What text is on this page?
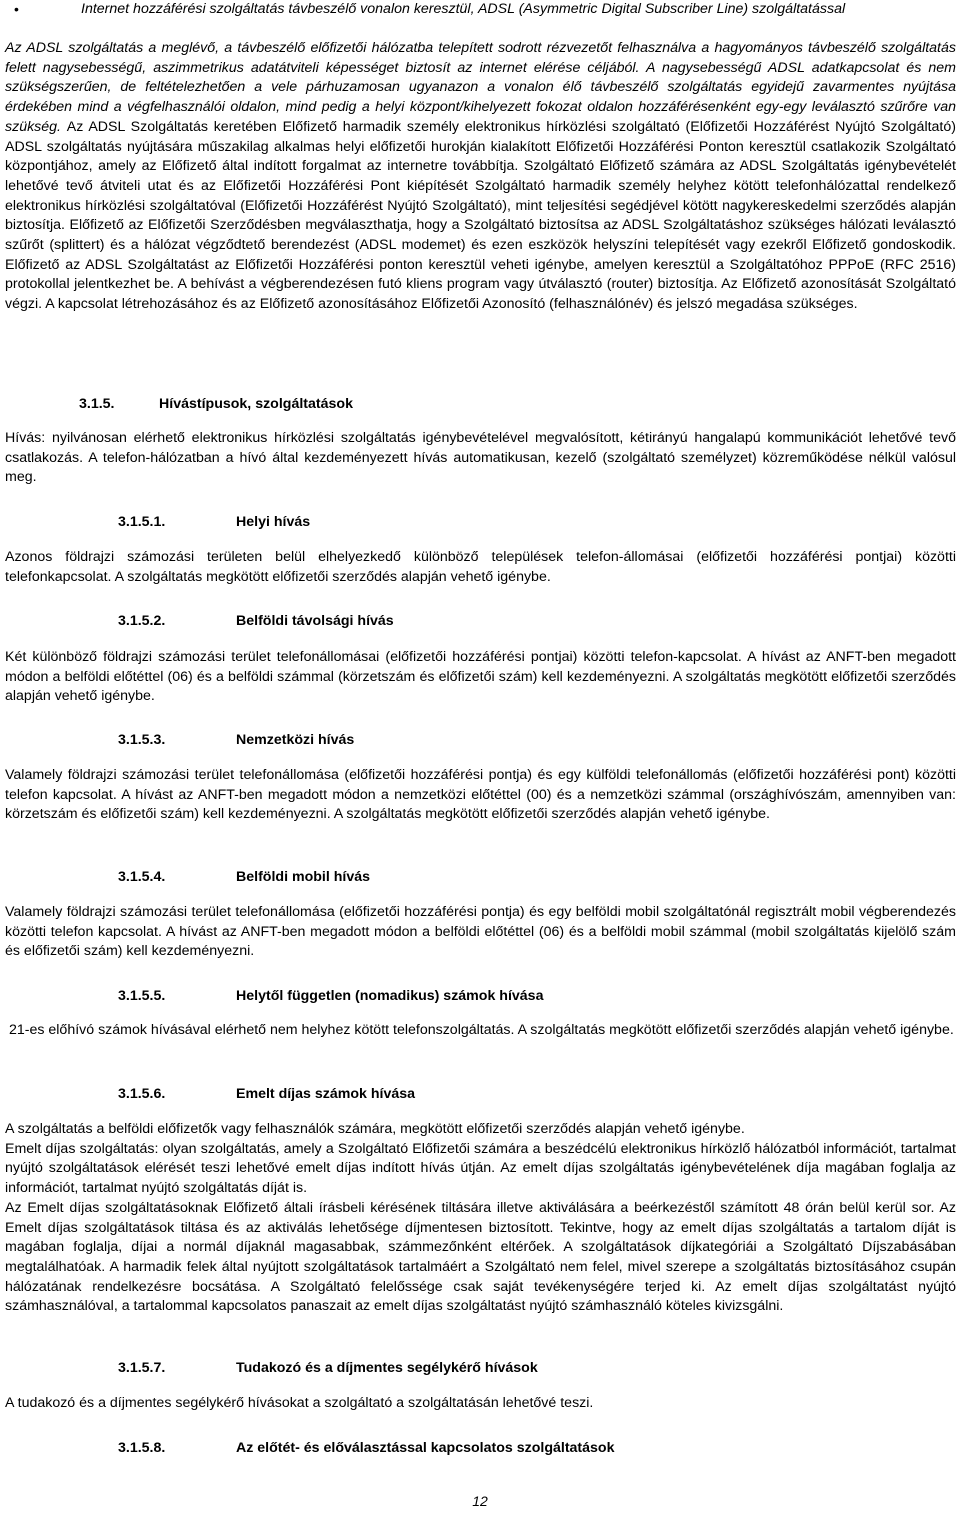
•	Internet hozzáférési szolgáltatás távbeszélő vonalon keresztül, ADSL (Asymmetric Digital Subscriber Line) szolgáltatással

Az ADSL szolgáltatás a meglévő, a távbeszélő előfizetői hálózatba telepített sodrott rézvezetőt felhasználva a hagyományos távbeszélő szolgáltatás felett nagysebességű, aszimmetrikus adatátviteli képességet biztosít az internet elérése céljából. A nagysebességű ADSL adatkapcsolat és nem szükségszerűen, de feltételezhetően a vele párhuzamosan ugyanazon a vonalon élő távbeszélő szolgáltatás egyidejű zavarmentes nyújtása érdekében mind a végfelhasználói oldalon, mind pedig a helyi központ/kihelyezett fokozat oldalon hozzáférésenként egy-egy leválasztó szűrőre van szükség. Az ADSL Szolgáltatás keretében Előfizető harmadik személy elektronikus hírközlési szolgáltató (Előfizetői Hozzáférést Nyújtó Szolgáltató) ADSL szolgáltatás nyújtására műszakilag alkalmas helyi előfizetői hurokján kialakított Előfizetői Hozzáférési Ponton keresztül csatlakozik Szolgáltató központjához, amely az Előfizető által indított forgalmat az internetre továbbítja. Szolgáltató Előfizető számára az ADSL Szolgáltatás igénybevételét lehetővé tevő átviteli utat és az Előfizetői Hozzáférési Pont kiépítését Szolgáltató harmadik személy helyhez kötött telefonhálózattal rendelkező elektronikus hírközlési szolgáltatóval (Előfizetői Hozzáférést Nyújtó Szolgáltató), mint teljesítési segédjével kötött nagykereskedelmi szerződés alapján biztosítja. Előfizető az Előfizetői Szerződésben megválaszthatja, hogy a Szolgáltató biztosítsa az ADSL Szolgáltatáshoz szükséges hálózati leválasztó szűrőt (splittert) és a hálózat végződtető berendezést (ADSL modemet) és ezen eszközök helyszíni telepítését vagy ezekről Előfizető gondoskodik. Előfizető az ADSL Szolgáltatást az Előfizetői Hozzáférési ponton keresztül veheti igénybe, amelyen keresztül a Szolgáltatóhoz PPPoE (RFC 2516) protokollal jelentkezhet be. A behívást a végberendezésen futó kliens program vagy útválasztó (router) biztosítja. Az Előfizető azonosítását Szolgáltató végzi. A kapcsolat létrehozásához és az Előfizető azonosításához Előfizetői Azonosító (felhasználónév) és jelszó megadása szükséges.

3.1.5.	Hívástípusok, szolgáltatások

Hívás: nyilvánosan elérhető elektronikus hírközlési szolgáltatás igénybevételével megvalósított, kétirányú hangalapú kommunikációt lehetővé tevő csatlakozás. A telefon-hálózatban a hívó által kezdeményezett hívás automatikusan, kezelő (szolgáltató személyzet) közreműködése nélkül valósul meg.

3.1.5.1.	Helyi hívás

Azonos földrajzi számozási területen belül elhelyezkedő különböző települések telefon-állomásai (előfizetői hozzáférési pontjai) közötti telefonkapcsolat. A szolgáltatás megkötött előfizetői szerződés alapján vehető igénybe.

3.1.5.2.	Belföldi távolsági hívás

Két különböző földrajzi számozási terület telefonállomásai (előfizetői hozzáférési pontjai) közötti telefon-kapcsolat. A hívást az ANFT-ben megadott módon a belföldi előtéttel (06) és a belföldi számmal (körzetszám és előfizetői szám) kell kezdeményezni. A szolgáltatás megkötött előfizetői szerződés alapján vehető igénybe.

3.1.5.3.	Nemzetközi hívás

Valamely földrajzi számozási terület telefonállomása (előfizetői hozzáférési pontja) és egy külföldi telefonállomás (előfizetői hozzáférési pont) közötti telefon kapcsolat. A hívást az ANFT-ben megadott módon a nemzetközi előtéttel (00) és a nemzetközi számmal (országhívószám, amennyiben van: körzetszám és előfizetői szám) kell kezdeményezni. A szolgáltatás megkötött előfizetői szerződés alapján vehető igénybe.

3.1.5.4.	Belföldi mobil hívás

Valamely földrajzi számozási terület telefonállomása (előfizetői hozzáférési pontja) és egy belföldi mobil szolgáltatónál regisztrált mobil végberendezés közötti telefon kapcsolat. A hívást az ANFT-ben megadott módon a belföldi előtéttel (06) és a belföldi mobil számmal (mobil szolgáltatás kijelölő szám és előfizetői szám) kell kezdeményezni.

3.1.5.5.	Helytől független (nomadikus) számok hívása

21-es előhívó számok hívásával elérhető nem helyhez kötött telefonszolgáltatás. A szolgáltatás megkötött előfizetői szerződés alapján vehető igénybe.

3.1.5.6.	Emelt díjas számok hívása

A szolgáltatás a belföldi előfizetők vagy felhasználók számára, megkötött előfizetői szerződés alapján vehető igénybe.

Emelt díjas szolgáltatás: olyan szolgáltatás, amely a Szolgáltató Előfizetői számára a beszédcélú elektronikus hírközlő hálózatból információt, tartalmat nyújtó szolgáltatások elérését teszi lehetővé emelt díjas indított hívás útján. Az emelt díjas szolgáltatás igénybevételének díja magában foglalja az információt, tartalmat nyújtó szolgáltatás díját is.

Az Emelt díjas szolgáltatásoknak Előfizető általi írásbeli kérésének tiltására illetve aktiválására a beérkezéstől számított 48 órán belül kerül sor. Az Emelt díjas szolgáltatások tiltása és az aktiválás lehetősége díjmentesen biztosított. Tekintve, hogy az emelt díjas szolgáltatás a tartalom díját is magában foglalja, díjai a normál díjaknál magasabbak, számmezőnként eltérőek. A szolgáltatások díjkategóriái a Szolgáltató Díjszabásában megtalálhatóak. A harmadik felek által nyújtott szolgáltatások tartalmáért a Szolgáltató nem felel, mivel szerepe a szolgáltatás biztosításához csupán hálózatának rendelkezésre bocsátása. A Szolgáltató felelőssége csak saját tevékenységére terjed ki. Az emelt díjas szolgáltatást nyújtó számhasználóval, a tartalommal kapcsolatos panaszait az emelt díjas szolgáltatást nyújtó számhasználó köteles kivizsgálni.

3.1.5.7.	Tudakozó és a díjmentes segélykérő hívások

A tudakozó és a díjmentes segélykérő hívásokat a szolgáltató a szolgáltatásán lehetővé teszi.

3.1.5.8.	Az előtét- és előválasztással kapcsolatos szolgáltatások
12
